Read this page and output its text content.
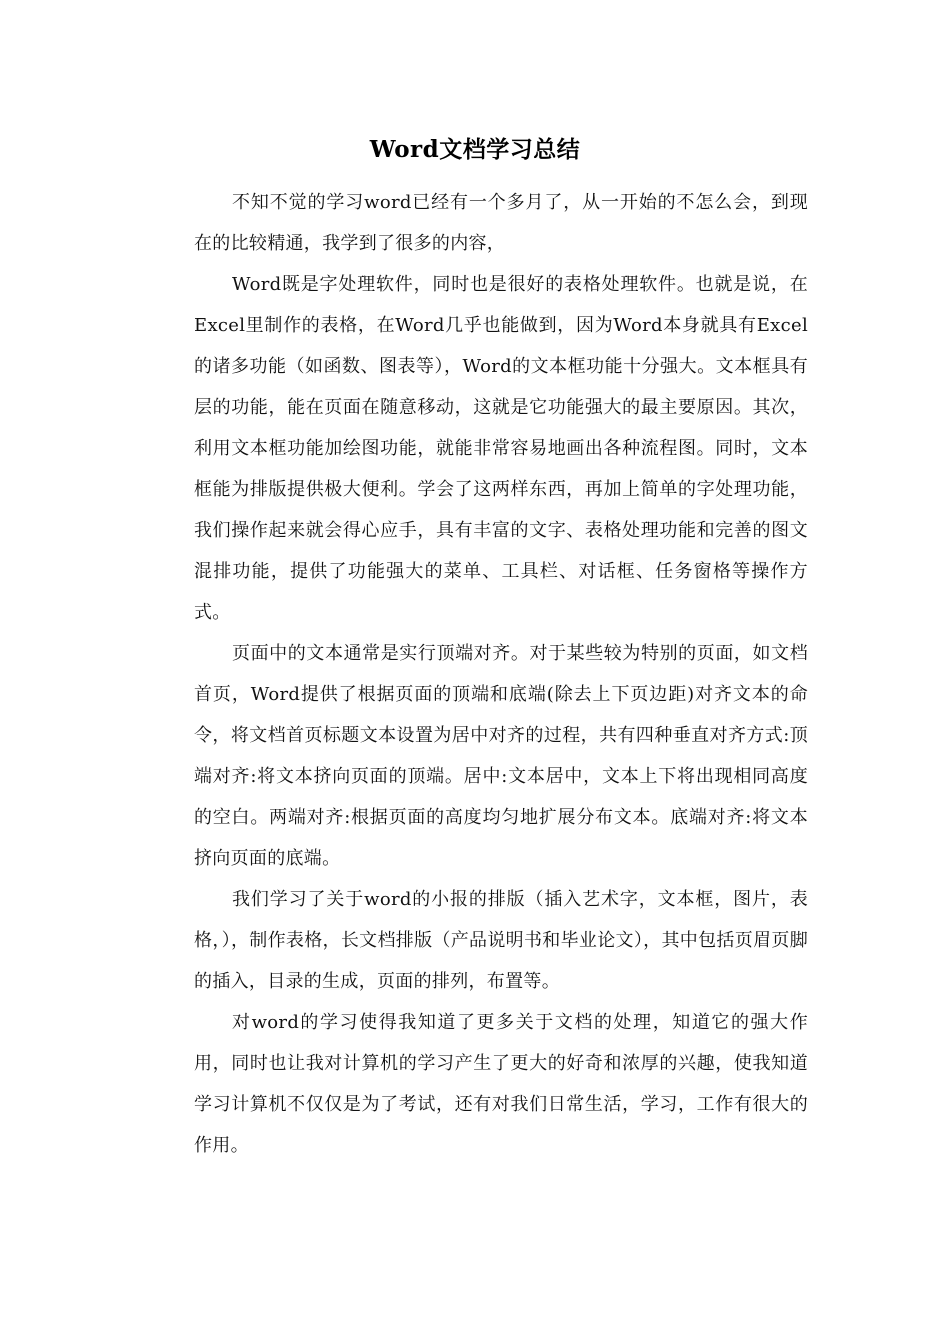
Word文档学习总结

不知不觉的学习word已经有一个多月了，从一开始的不怎么会，到现在的比较精通，我学到了很多的内容，

Word既是字处理软件，同时也是很好的表格处理软件。也就是说，在Excel里制作的表格，在Word几乎也能做到，因为Word本身就具有Excel的诸多功能（如函数、图表等），Word的文本框功能十分强大。文本框具有层的功能，能在页面在随意移动，这就是它功能强大的最主要原因。其次，利用文本框功能加绘图功能，就能非常容易地画出各种流程图。同时，文本框能为排版提供极大便利。学会了这两样东西，再加上简单的字处理功能，我们操作起来就会得心应手，具有丰富的文字、表格处理功能和完善的图文混排功能，提供了功能强大的菜单、工具栏、对话框、任务窗格等操作方式。

页面中的文本通常是实行顶端对齐。对于某些较为特别的页面，如文档首页，Word提供了根据页面的顶端和底端(除去上下页边距)对齐文本的命令，将文档首页标题文本设置为居中对齐的过程，共有四种垂直对齐方式:顶端对齐:将文本挤向页面的顶端。居中:文本居中，文本上下将出现相同高度的空白。两端对齐:根据页面的高度均匀地扩展分布文本。底端对齐:将文本挤向页面的底端。

我们学习了关于word的小报的排版（插入艺术字，文本框，图片，表格，），制作表格，长文档排版（产品说明书和毕业论文），其中包括页眉页脚的插入，目录的生成，页面的排列，布置等。

对word的学习使得我知道了更多关于文档的处理，知道它的强大作用，同时也让我对计算机的学习产生了更大的好奇和浓厚的兴趣，使我知道学习计算机不仅仅是为了考试，还有对我们日常生活，学习，工作有很大的作用。
